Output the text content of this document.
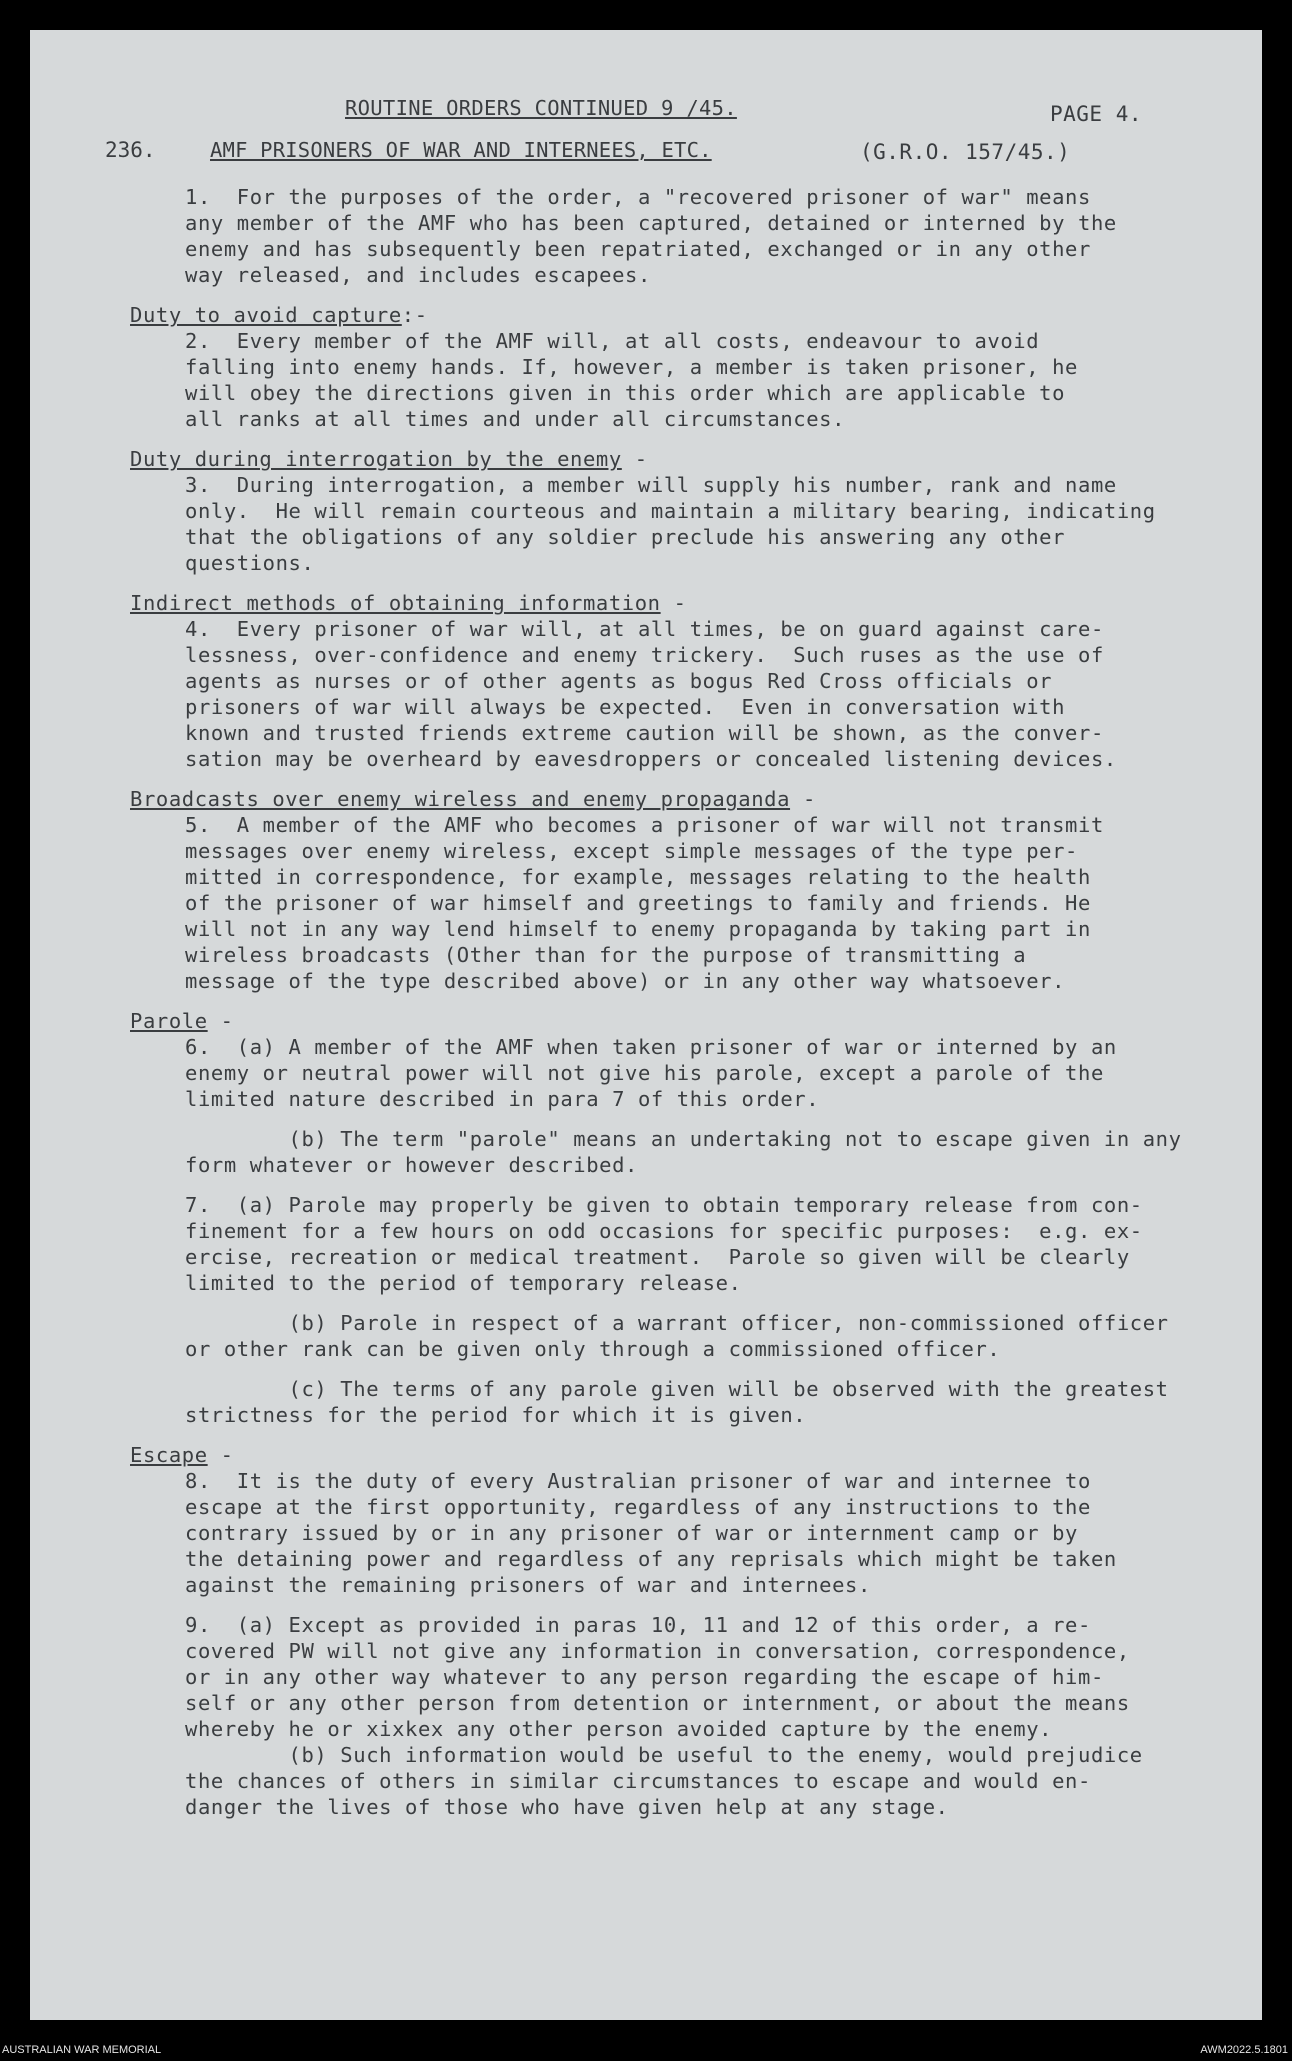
ROUTINE ORDERS CONTINUED 9 /45.	PAGE 4.
236.	AMF PRISONERS OF WAR AND INTERNEES, ETC.	(G.R.O. 157/45.)

1.  For the purposes of the order, a "recovered prisoner of war" means
any member of the AMF who has been captured, detained or interned by the
enemy and has subsequently been repatriated, exchanged or in any other
way released, and includes escapees.

Duty to avoid capture:-

2.  Every member of the AMF will, at all costs, endeavour to avoid
falling into enemy hands. If, however, a member is taken prisoner, he
will obey the directions given in this order which are applicable to
all ranks at all times and under all circumstances.

Duty during interrogation by the enemy -

3.  During interrogation, a member will supply his number, rank and name
only.  He will remain courteous and maintain a military bearing, indicating
that the obligations of any soldier preclude his answering any other
questions.

Indirect methods of obtaining information -

4.  Every prisoner of war will, at all times, be on guard against care-
lessness, over-confidence and enemy trickery.  Such ruses as the use of
agents as nurses or of other agents as bogus Red Cross officials or
prisoners of war will always be expected.  Even in conversation with
known and trusted friends extreme caution will be shown, as the conver-
sation may be overheard by eavesdroppers or concealed listening devices.

Broadcasts over enemy wireless and enemy propaganda -

5.  A member of the AMF who becomes a prisoner of war will not transmit
messages over enemy wireless, except simple messages of the type per-
mitted in correspondence, for example, messages relating to the health
of the prisoner of war himself and greetings to family and friends. He
will not in any way lend himself to enemy propaganda by taking part in
wireless broadcasts (Other than for the purpose of transmitting a
message of the type described above) or in any other way whatsoever.

Parole -

6.  (a) A member of the AMF when taken prisoner of war or interned by an
enemy or neutral power will not give his parole, except a parole of the
limited nature described in para 7 of this order.

(b) The term "parole" means an undertaking not to escape given in any
form whatever or however described.

7.  (a) Parole may properly be given to obtain temporary release from con-
finement for a few hours on odd occasions for specific purposes:  e.g. ex-
ercise, recreation or medical treatment.  Parole so given will be clearly
limited to the period of temporary release.

(b) Parole in respect of a warrant officer, non-commissioned officer
or other rank can be given only through a commissioned officer.

(c) The terms of any parole given will be observed with the greatest
strictness for the period for which it is given.

Escape -

8.  It is the duty of every Australian prisoner of war and internee to
escape at the first opportunity, regardless of any instructions to the
contrary issued by or in any prisoner of war or internment camp or by
the detaining power and regardless of any reprisals which might be taken
against the remaining prisoners of war and internees.

9.  (a) Except as provided in paras 10, 11 and 12 of this order, a re-
covered PW will not give any information in conversation, correspondence,
or in any other way whatever to any person regarding the escape of him-
self or any other person from detention or internment, or about the means
whereby he or xixkex any other person avoided capture by the enemy.

(b) Such information would be useful to the enemy, would prejudice
the chances of others in similar circumstances to escape and would en-
danger the lives of those who have given help at any stage.

AUSTRALIAN WAR MEMORIAL	AWM2022.5.1801
